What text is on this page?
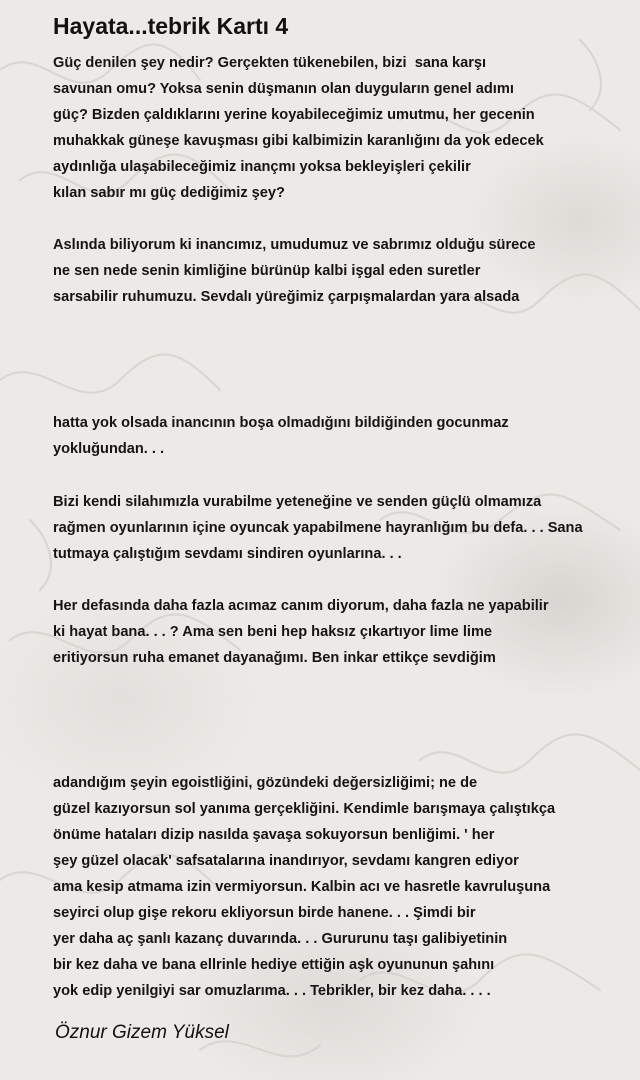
Hayata...tebrik Kartı 4

Güç denilen şey nedir? Gerçekten tükenebilen, bizi  sana karşı

savunan omu? Yoksa senin düşmanın olan duyguların genel adımı

güç? Bizden çaldıklarını yerine koyabileceğimiz umutmu, her gecenin

muhakkak güneşe kavuşması gibi kalbimizin karanlığını da yok edecek

aydınlığa ulaşabileceğimiz inançmı yoksa bekleyişleri çekilir

kılan sabır mı güç dediğimiz şey?

Aslında biliyorum ki inancımız, umudumuz ve sabrımız olduğu sürece

ne sen nede senin kimliğine bürünüp kalbi işgal eden suretler

sarsabilir ruhumuzu. Sevdalı yüreğimiz çarpışmalardan yara alsada

hatta yok olsada inancının boşa olmadığını bildiğinden gocunmaz

yokluğundan. . .

Bizi kendi silahımızla vurabilme yeteneğine ve senden güçlü olmamıza

rağmen oyunlarının içine oyuncak yapabilmene hayranlığım bu defa. . . Sana

tutmaya çalıştığım sevdamı sindiren oyunlarına. . .

Her defasında daha fazla acımaz canım diyorum, daha fazla ne yapabilir

ki hayat bana. . . ? Ama sen beni hep haksız çıkartıyor lime lime

eritiyorsun ruha emanet dayanağımı. Ben inkar ettikçe sevdiğim

adandığım şeyin egoistliğini, gözündeki değersizliğimi; ne de

güzel kazıyorsun sol yanıma gerçekliğini. Kendimle barışmaya çalıştıkça

önüme hataları dizip nasılda şavaşa sokuyorsun benliğimi. ' her

şey güzel olacak' safsatalarına inandırıyor, sevdamı kangren ediyor

ama kesip atmama izin vermiyorsun. Kalbin acı ve hasretle kavruluşuna

seyirci olup gişe rekoru ekliyorsun birde hanene. . . Şimdi bir

yer daha aç şanlı kazanç duvarında. . . Gururunu taşı galibiyetinin

bir kez daha ve bana ellrinle hediye ettiğin aşk oyununun şahını

yok edip yenilgiyi sar omuzlarıma. . . Tebrikler, bir kez daha. . . .

Öznur Gizem Yüksel
